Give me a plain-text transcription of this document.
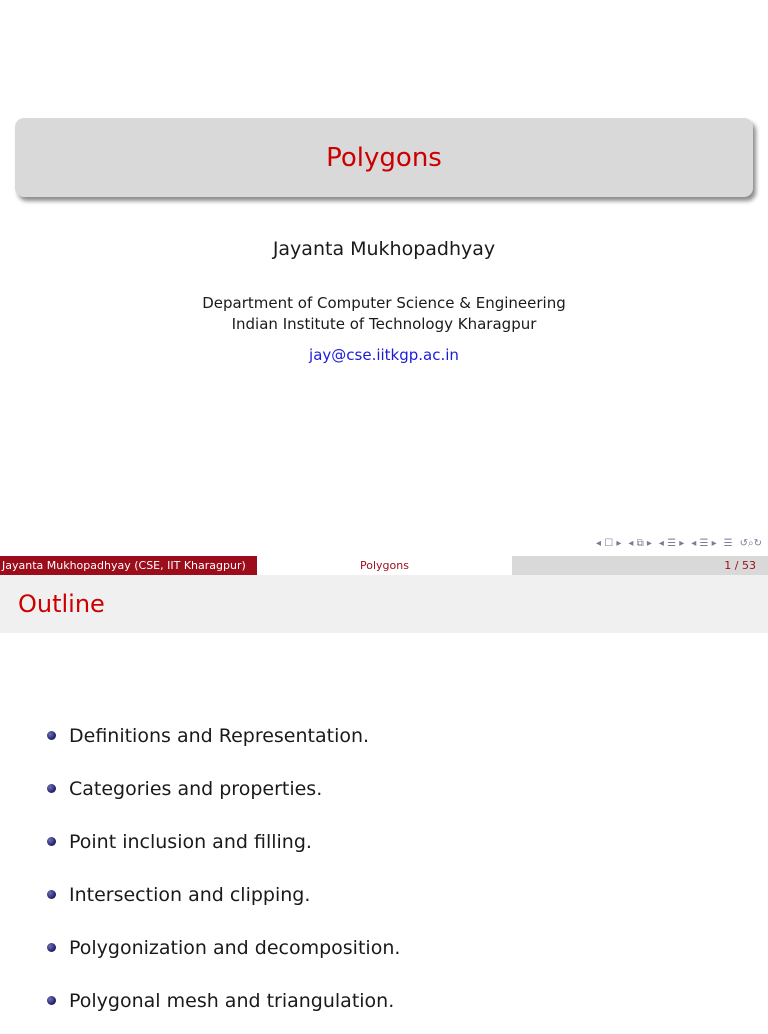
Polygons
Jayanta Mukhopadhyay
Department of Computer Science & Engineering
Indian Institute of Technology Kharagpur
jay@cse.iitkgp.ac.in
◂ ☐ ▸ ◂ ⧉ ▸ ◂ ☰ ▸ ◂ ☰ ▸ ☰ ↺⌕↻
Jayanta Mukhopadhyay (CSE, IIT Kharagpur)	Polygons	1 / 53
Outline
Definitions and Representation.
Categories and properties.
Point inclusion and filling.
Intersection and clipping.
Polygonization and decomposition.
Polygonal mesh and triangulation.
